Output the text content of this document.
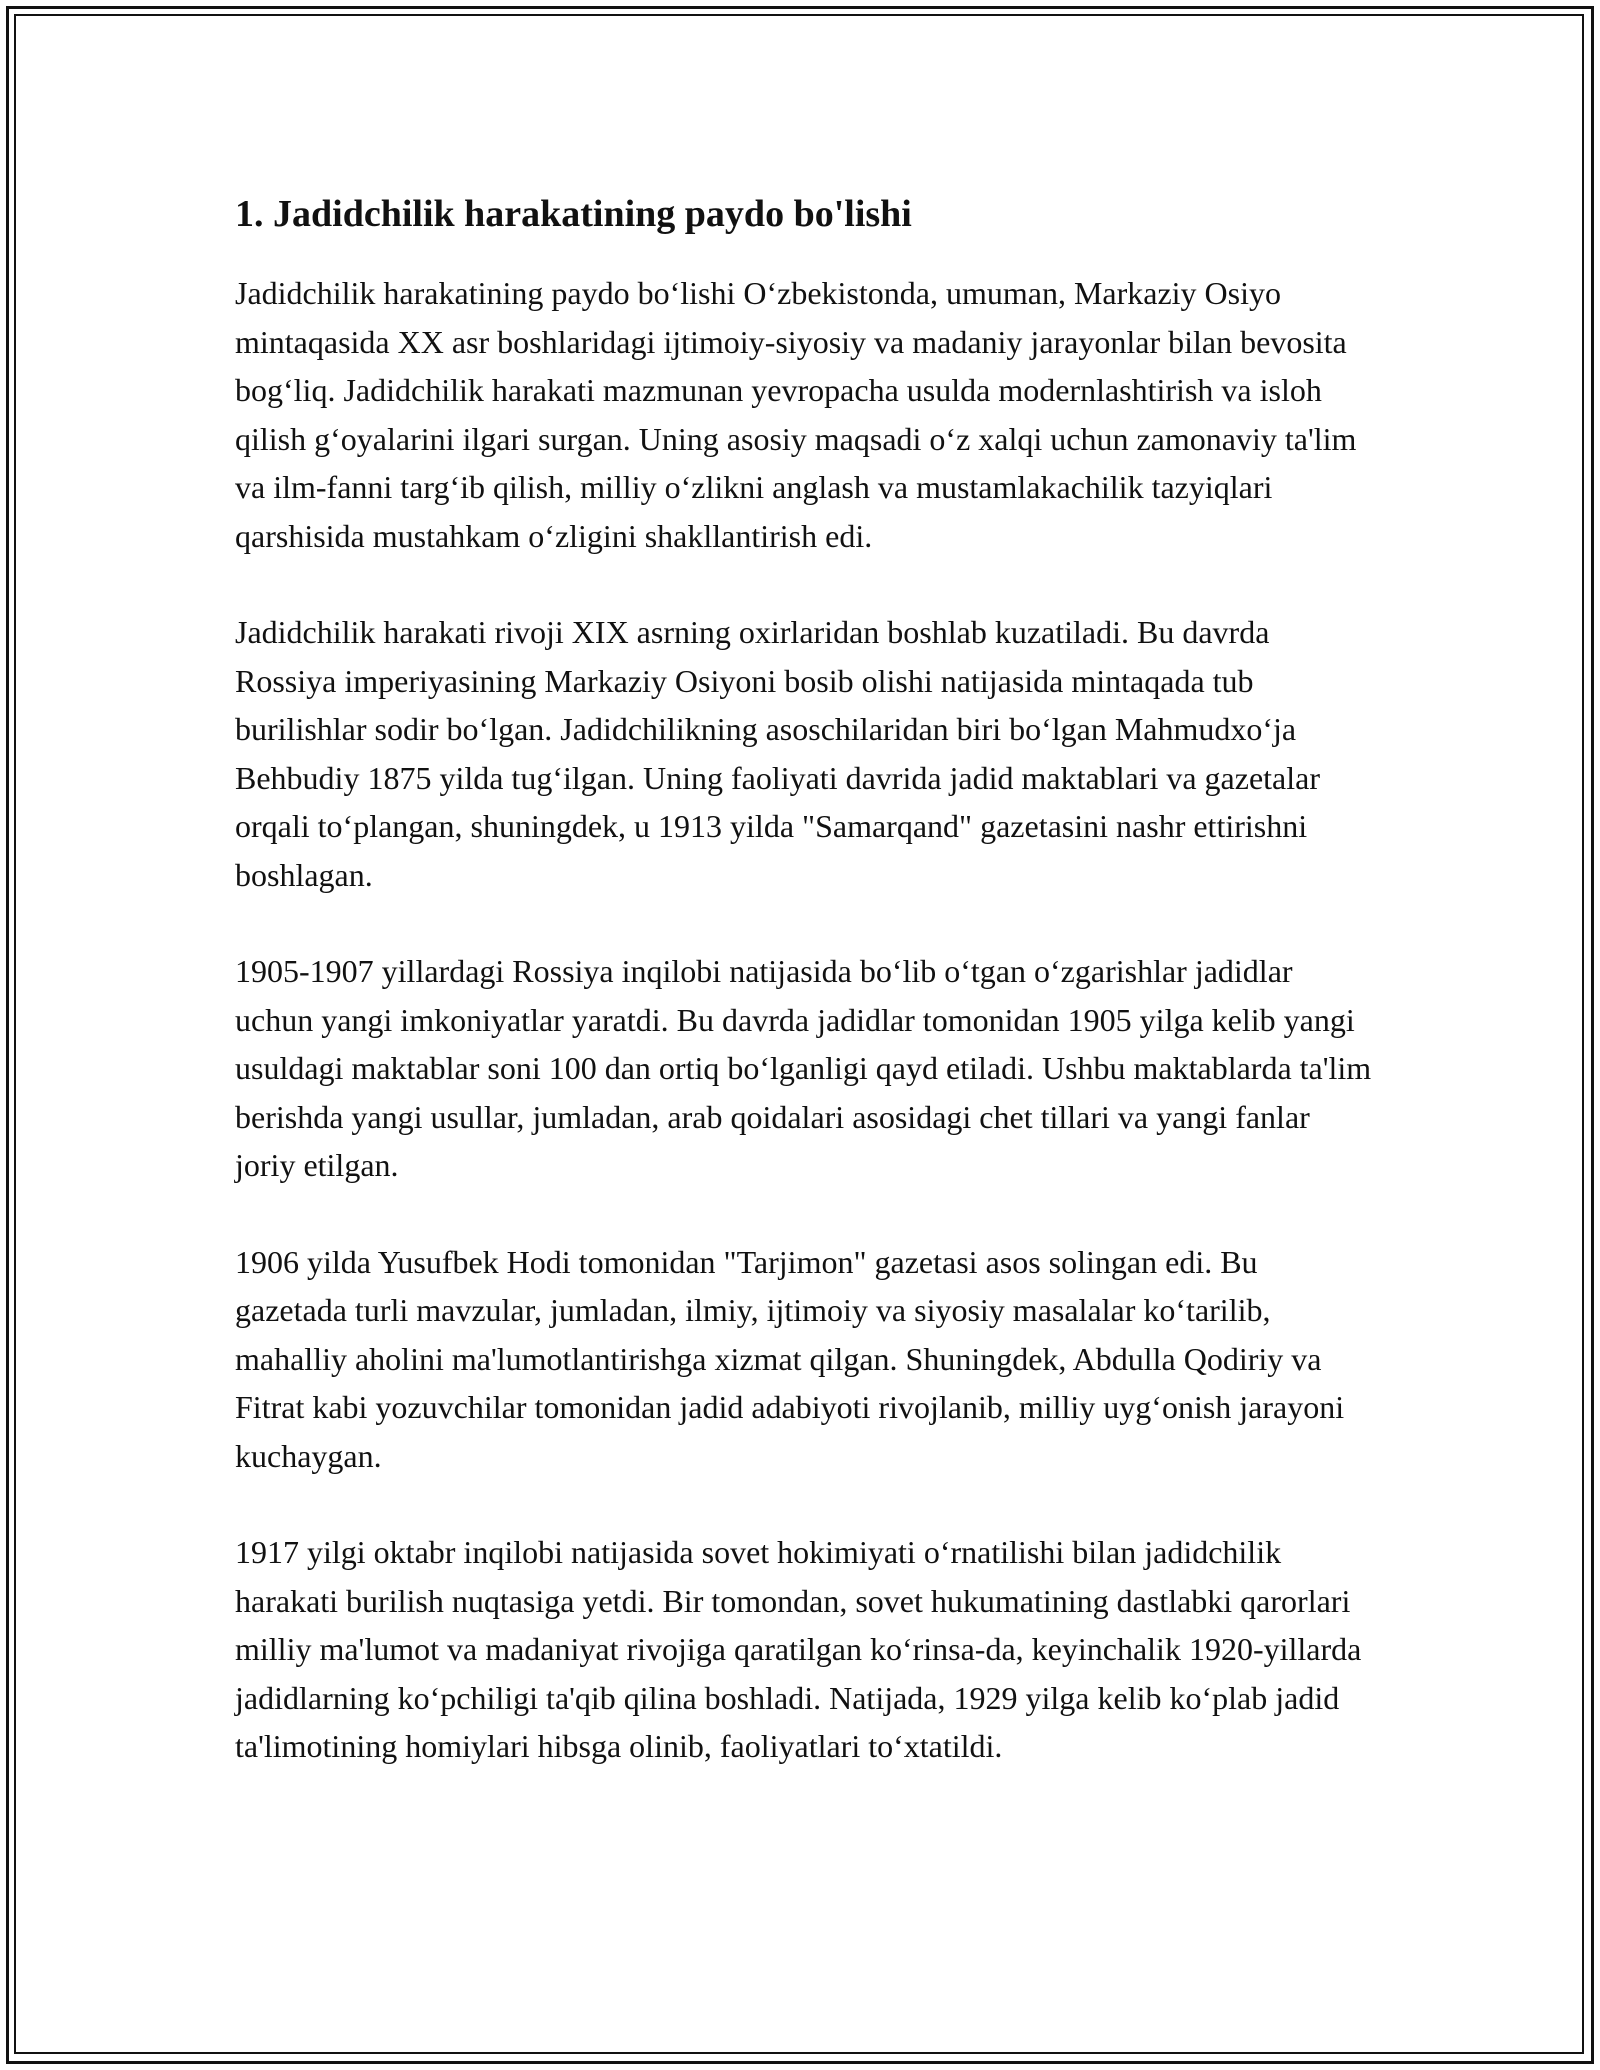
1. Jadidchilik harakatining paydo bo'lishi

Jadidchilik harakatining paydo bo‘lishi O‘zbekistonda, umuman, Markaziy Osiyo mintaqasida XX asr boshlaridagi ijtimoiy-siyosiy va madaniy jarayonlar bilan bevosita bog‘liq. Jadidchilik harakati mazmunan yevropacha usulda modernlashtirish va isloh qilish g‘oyalarini ilgari surgan. Uning asosiy maqsadi o‘z xalqi uchun zamonaviy ta'lim va ilm-fanni targ‘ib qilish, milliy o‘zlikni anglash va mustamlakachilik tazyiqlari qarshisida mustahkam o‘zligini shakllantirish edi.

Jadidchilik harakati rivoji XIX asrning oxirlaridan boshlab kuzatiladi. Bu davrda Rossiya imperiyasining Markaziy Osiyoni bosib olishi natijasida mintaqada tub burilishlar sodir bo‘lgan. Jadidchilikning asoschilaridan biri bo‘lgan Mahmudxo‘ja Behbudiy 1875 yilda tug‘ilgan. Uning faoliyati davrida jadid maktablari va gazetalar orqali to‘plangan, shuningdek, u 1913 yilda "Samarqand" gazetasini nashr ettirishni boshlagan.

1905-1907 yillardagi Rossiya inqilobi natijasida bo‘lib o‘tgan o‘zgarishlar jadidlar uchun yangi imkoniyatlar yaratdi. Bu davrda jadidlar tomonidan 1905 yilga kelib yangi usuldagi maktablar soni 100 dan ortiq bo‘lganligi qayd etiladi. Ushbu maktablarda ta'lim berishda yangi usullar, jumladan, arab qoidalari asosidagi chet tillari va yangi fanlar joriy etilgan.

1906 yilda Yusufbek Hodi tomonidan "Tarjimon" gazetasi asos solingan edi. Bu gazetada turli mavzular, jumladan, ilmiy, ijtimoiy va siyosiy masalalar ko‘tarilib, mahalliy aholini ma'lumotlantirishga xizmat qilgan. Shuningdek, Abdulla Qodiriy va Fitrat kabi yozuvchilar tomonidan jadid adabiyoti rivojlanib, milliy uyg‘onish jarayoni kuchaygan.

1917 yilgi oktabr inqilobi natijasida sovet hokimiyati o‘rnatilishi bilan jadidchilik harakati burilish nuqtasiga yetdi. Bir tomondan, sovet hukumatining dastlabki qarorlari milliy ma'lumot va madaniyat rivojiga qaratilgan ko‘rinsa-da, keyinchalik 1920-yillarda jadidlarning ko‘pchiligi ta'qib qilina boshladi. Natijada, 1929 yilga kelib ko‘plab jadid ta'limotining homiylari hibsga olinib, faoliyatlari to‘xtatildi.
